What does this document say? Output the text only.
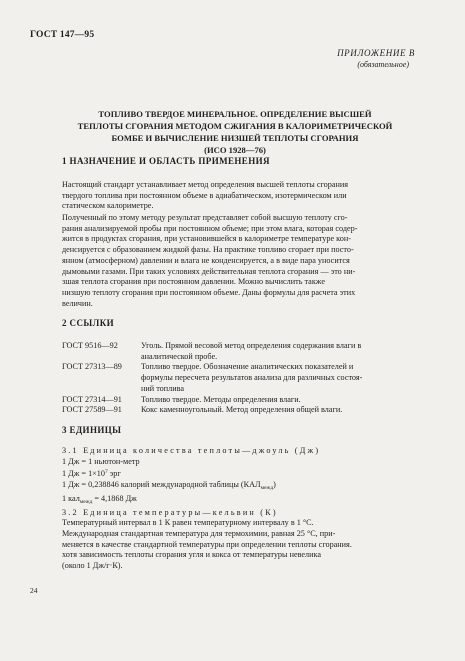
ГОСТ 147—95
ПРИЛОЖЕНИЕ В
(обязательное)
ТОПЛИВО ТВЕРДОЕ МИНЕРАЛЬНОЕ. ОПРЕДЕЛЕНИЕ ВЫСШЕЙ
ТЕПЛОТЫ СГОРАНИЯ МЕТОДОМ СЖИГАНИЯ В КАЛОРИМЕТРИЧЕСКОЙ
БОМБЕ И ВЫЧИСЛЕНИЕ НИЗШЕЙ ТЕПЛОТЫ СГОРАНИЯ
(ИСО 1928—76)
1 НАЗНАЧЕНИЕ И ОБЛАСТЬ ПРИМЕНЕНИЯ
Настоящий стандарт устанавливает метод определения высшей теплоты сгорания
твердого топлива при постоянном объеме в адиабатическом, изотермическом или
статическом калориметре.
Полученный по этому методу результат представляет собой высшую теплоту сго-
рания анализируемой пробы при постоянном объеме; при этом влага, которая содер-
жится в продуктах сгорания, при установившейся в калориметре температуре кон-
денсируется с образованием жидкой фазы. На практике топливо сгорает при посто-
янном (атмосферном) давлении и влага не конденсируется, а в виде пара уносится
дымовыми газами. При таких условиях действительная теплота сгорания — это ни-
зшая теплота сгорания при постоянном давлении. Можно вычислить также
низшую теплоту сгорания при постоянном объеме. Даны формулы для расчета этих
величин.
2 ССЫЛКИ
ГОСТ 9516—92	Уголь. Прямой весовой метод определения содержания влаги в
аналитической пробе.
ГОСТ 27313—89	Топливо твердое. Обозначение аналитических показателей и
формулы пересчета результатов анализа для различных состоя-
ний топлива
ГОСТ 27314—91	Топливо твердое. Методы определения влаги.
ГОСТ 27589—91	Кокс каменноугольный. Метод определения общей влаги.
3 ЕДИНИЦЫ
3.1 Единица количества теплоты—джоуль (Дж)
1 Дж = 1 ньютон-метр
1 Дж = $1\times 10^7$ эрг
1 Дж = 0,238846 калорий международной таблицы $(КАЛ_{межд})$
1 кал$_{межд}$ = 4,1868 Дж
3.2 Единица температуры—кельвин (К)
Температурный интервал в 1 К равен температурному интервалу в 1 °С.
Международная стандартная температура для термохимии, равная 25 °С, при-
меняется в качестве стандартной температуры при определении теплоты сгорания.
хотя зависимость теплоты сгорания угля и кокса от температуры невелика
(около 1 Дж/г·К).
24
